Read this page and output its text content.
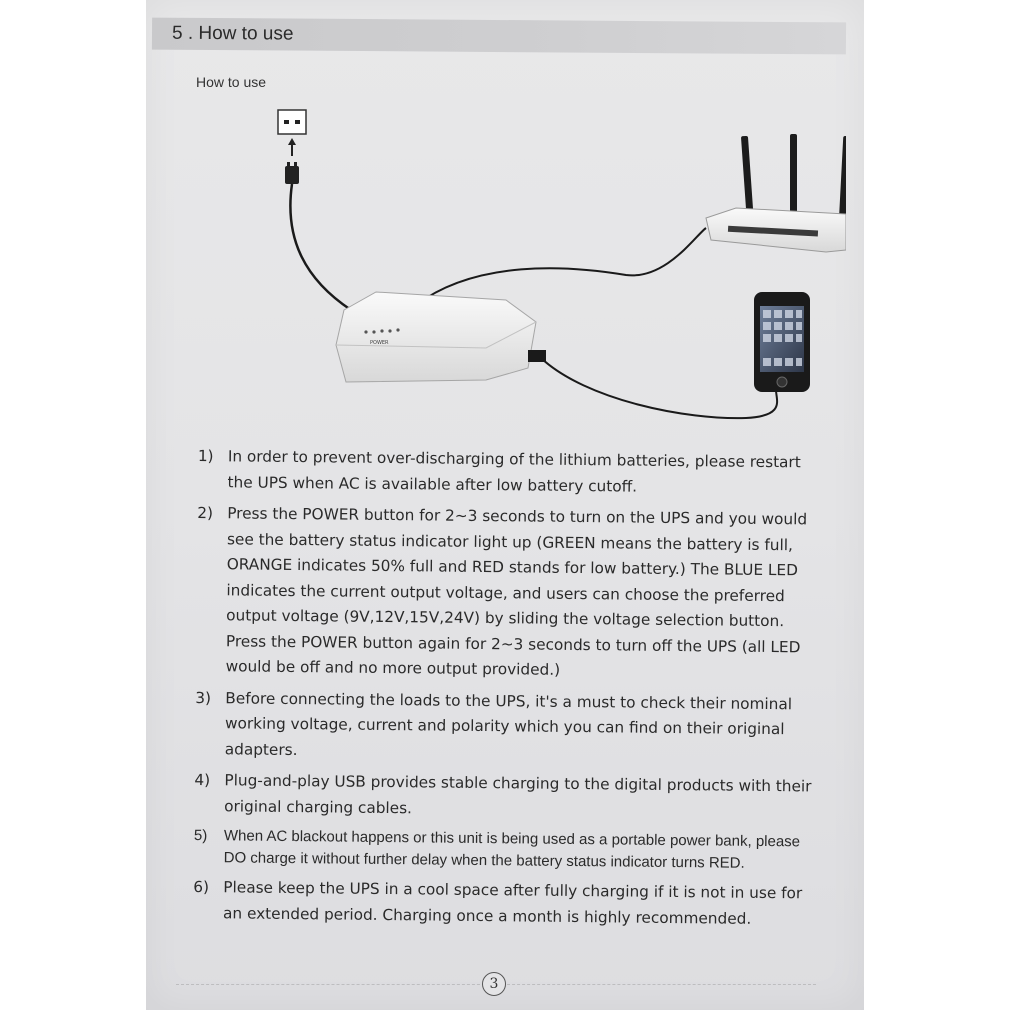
5 . How to use
How to use
POWER
1) In order to prevent over-discharging of the lithium batteries, please restart the UPS when AC is available after low battery cutoff.
2) Press the POWER button for 2~3 seconds to turn on the UPS and you would see the battery status indicator light up (GREEN means the battery is full, ORANGE indicates 50% full and RED stands for low battery.) The BLUE LED indicates the current output voltage, and users can choose the preferred output voltage (9V,12V,15V,24V) by sliding the voltage selection button. Press the POWER button again for 2~3 seconds to turn off the UPS (all LED would be off and no more output provided.)
3) Before connecting the loads to the UPS, it's a must to check their nominal working voltage, current and polarity which you can find on their original adapters.
4) Plug-and-play USB provides stable charging to the digital products with their original charging cables.
5)	When AC blackout happens or this unit is being used as a portable power bank, please DO charge it without further delay when the battery status indicator turns RED.
6) Please keep the UPS in a cool space after fully charging if it is not in use for an extended period. Charging once a month is highly recommended.
3
